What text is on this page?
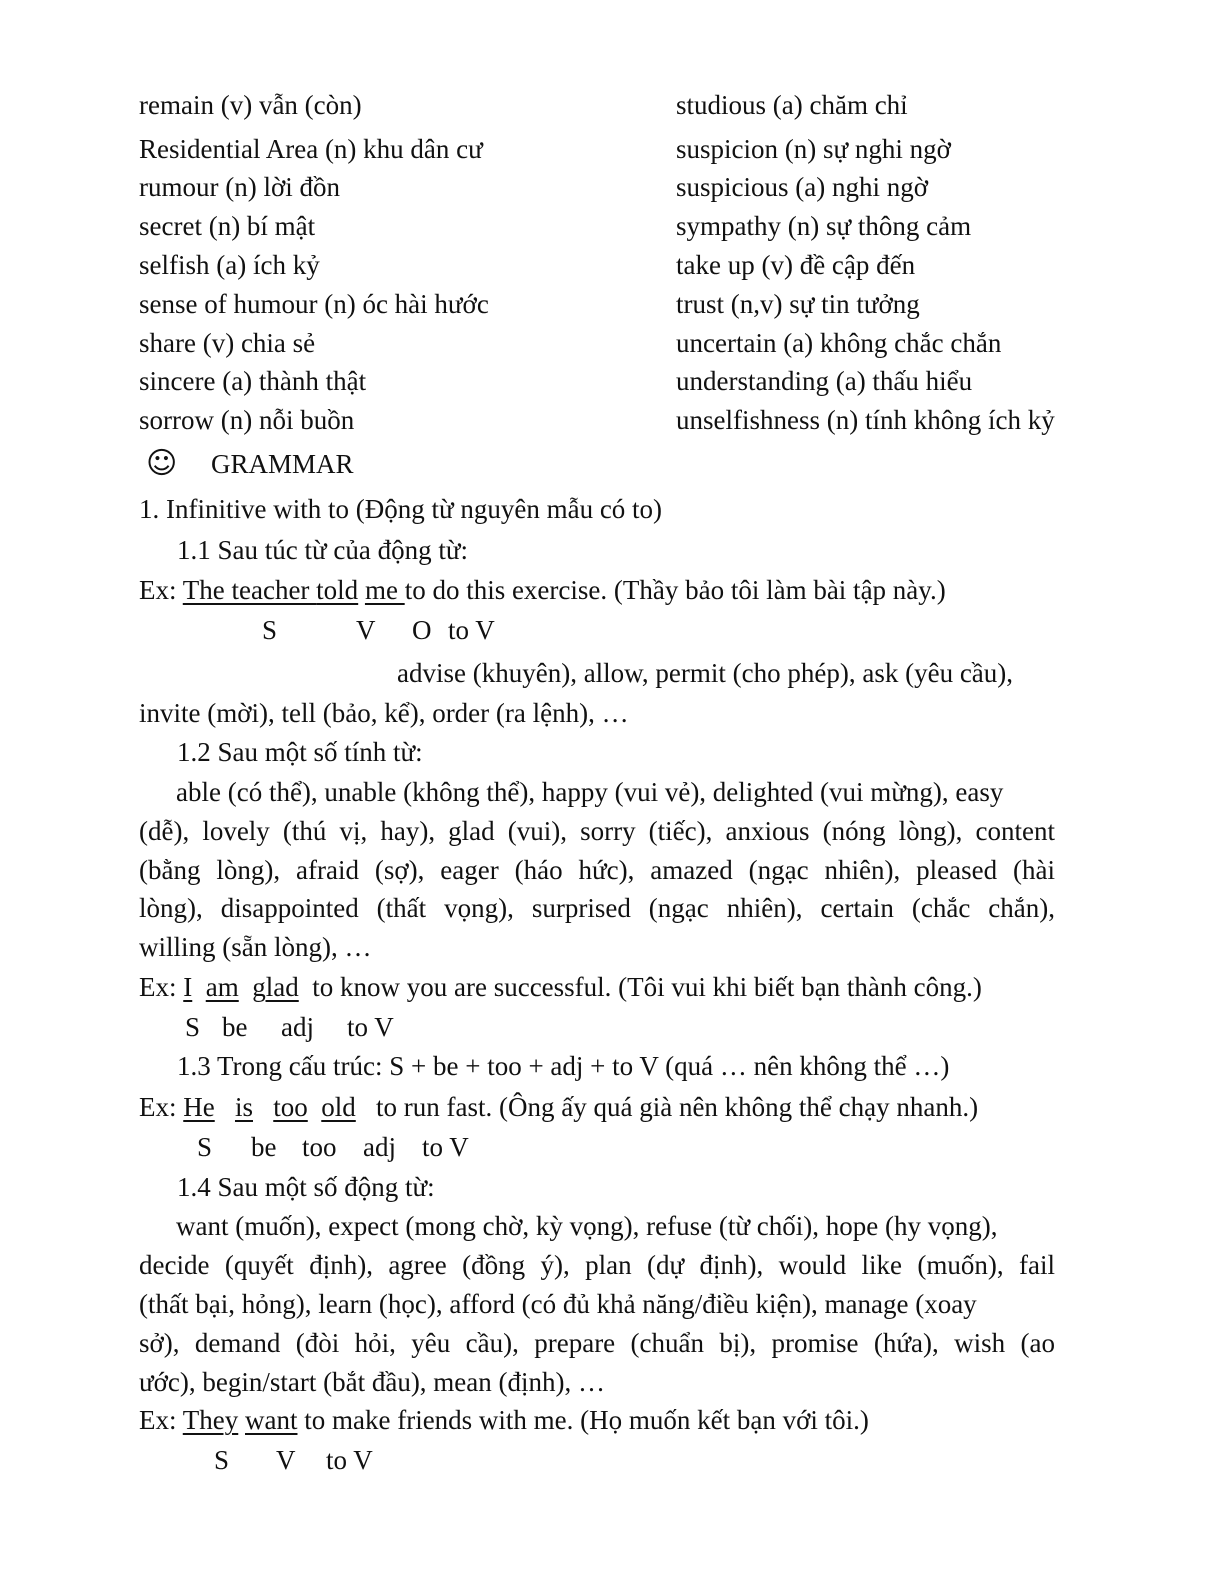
remain (v) vẫn (còn)
Residential Area (n) khu dân cư
rumour (n) lời đồn
secret (n) bí mật
selfish (a) ích kỷ
sense of humour (n) óc hài hước
share (v) chia sẻ
sincere (a) thành thật
sorrow (n) nỗi buồn
studious (a) chăm chỉ
suspicion (n) sự nghi ngờ
suspicious (a) nghi ngờ
sympathy (n) sự thông cảm
take up (v) đề cập đến
trust (n,v) sự tin tưởng
uncertain (a) không chắc chắn
understanding (a) thấu hiểu
unselfishness (n) tính không ích kỷ
☺ GRAMMAR
1. Infinitive with to (Động từ nguyên mẫu có to)
1.1 Sau túc từ của động từ:
Ex: The teacher told me to do this exercise. (Thầy bảo tôi làm bài tập này.)
S	V O to V
advise (khuyên), allow, permit (cho phép), ask (yêu cầu),
invite (mời), tell (bảo, kể), order (ra lệnh), …
1.2 Sau một số tính từ:
able (có thể), unable (không thể), happy (vui vẻ), delighted (vui mừng), easy
(dễ), lovely (thú vị, hay), glad (vui), sorry (tiếc), anxious (nóng lòng), content
(bằng lòng), afraid (sợ), eager (háo hức), amazed (ngạc nhiên), pleased (hài
lòng), disappointed (thất vọng), surprised (ngạc nhiên), certain (chắc chắn),
willing (sẵn lòng), …
Ex: I am glad to know you are successful. (Tôi vui khi biết bạn thành công.)
S be adj to V
1.3 Trong cấu trúc: S + be + too + adj + to V (quá … nên không thể …)
Ex: He is too old to run fast. (Ông ấy quá già nên không thể chạy nhanh.)
S be too adj to V
1.4 Sau một số động từ:
want (muốn), expect (mong chờ, kỳ vọng), refuse (từ chối), hope (hy vọng),
decide (quyết định), agree (đồng ý), plan (dự định), would like (muốn), fail
(thất bại, hỏng), learn (học), afford (có đủ khả năng/điều kiện), manage (xoay
sở), demand (đòi hỏi, yêu cầu), prepare (chuẩn bị), promise (hứa), wish (ao
ước), begin/start (bắt đầu), mean (định), …
Ex: They want to make friends with me. (Họ muốn kết bạn với tôi.)
S V to V
